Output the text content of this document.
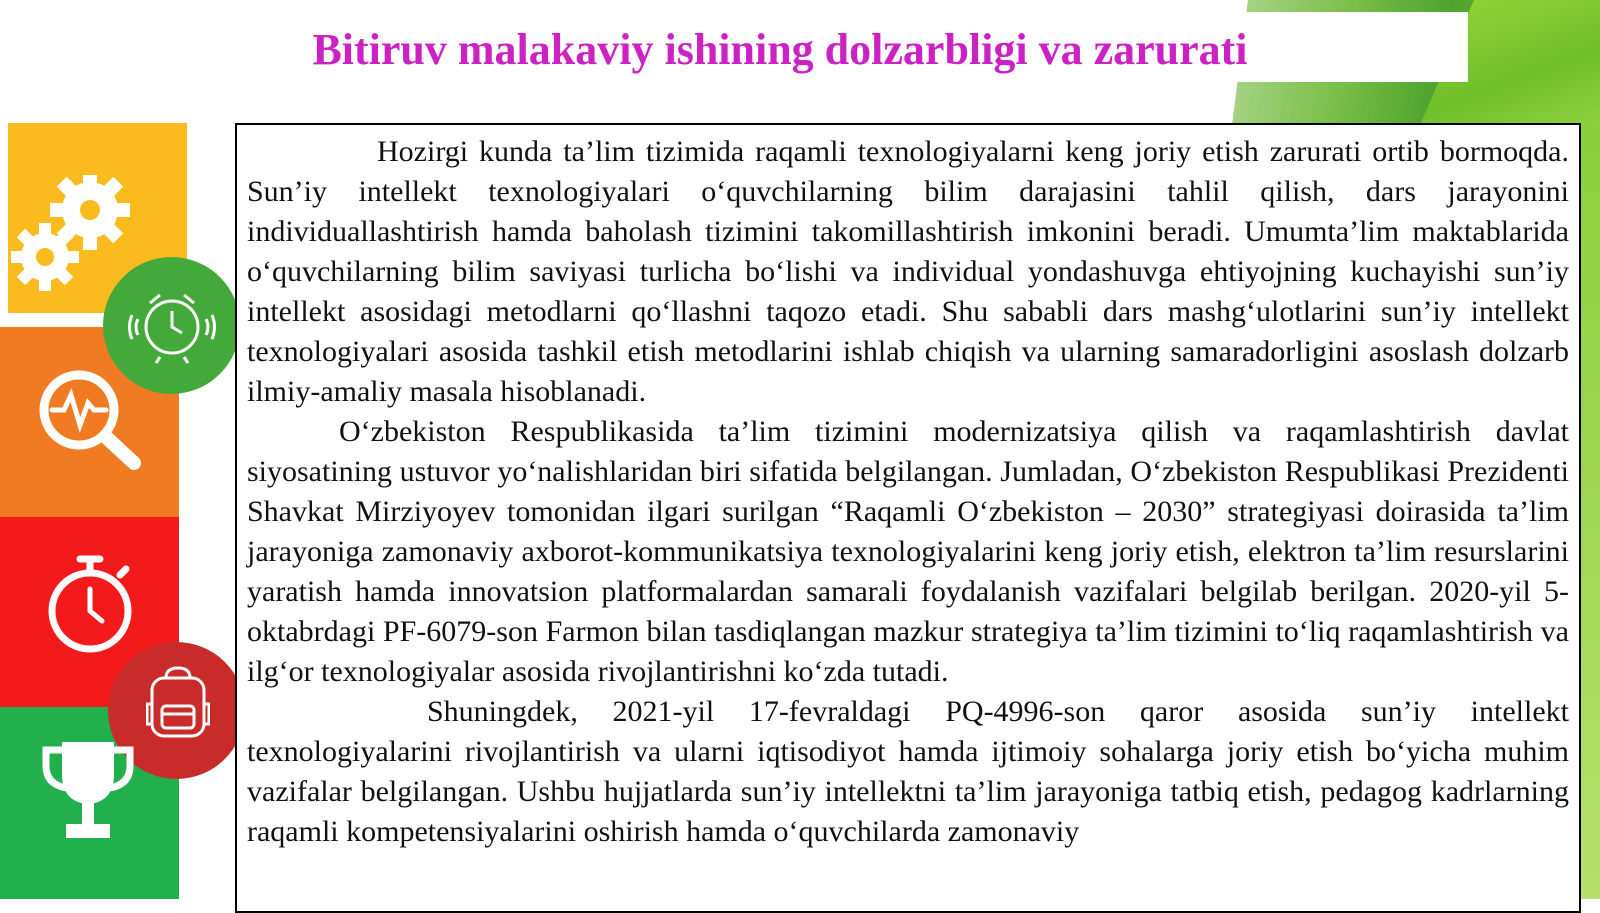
Bitiruv malakaviy ishining dolzarbligi va zarurati

Hozirgi kunda ta’lim tizimida raqamli texnologiyalarni keng joriy etish zarurati ortib bormoqda. Sun’iy intellekt texnologiyalari o‘quvchilarning bilim darajasini tahlil qilish, dars jarayonini individuallashtirish hamda baholash tizimini takomillashtirish imkonini beradi. Umumta’lim maktablarida o‘quvchilarning bilim saviyasi turlicha bo‘lishi va individual yondashuvga ehtiyojning kuchayishi sun’iy intellekt asosidagi metodlarni qo‘llashni taqozo etadi. Shu sababli dars mashg‘ulotlarini sun’iy intellekt texnologiyalari asosida tashkil etish metodlarini ishlab chiqish va ularning samaradorligini asoslash dolzarb ilmiy-amaliy masala hisoblanadi.

O‘zbekiston Respublikasida ta’lim tizimini modernizatsiya qilish va raqamlashtirish davlat siyosatining ustuvor yo‘nalishlaridan biri sifatida belgilangan. Jumladan, O‘zbekiston Respublikasi Prezidenti Shavkat Mirziyoyev tomonidan ilgari surilgan “Raqamli O‘zbekiston – 2030” strategiyasi doirasida ta’lim jarayoniga zamonaviy axborot-kommunikatsiya texnologiyalarini keng joriy etish, elektron ta’lim resurslarini yaratish hamda innovatsion platformalardan samarali foydalanish vazifalari belgilab berilgan. 2020-yil 5-oktabrdagi PF-6079-son Farmon bilan tasdiqlangan mazkur strategiya ta’lim tizimini to‘liq raqamlashtirish va ilg‘or texnologiyalar asosida rivojlantirishni ko‘zda tutadi.

Shuningdek, 2021-yil 17-fevraldagi PQ-4996-son qaror asosida sun’iy intellekt texnologiyalarini rivojlantirish va ularni iqtisodiyot hamda ijtimoiy sohalarga joriy etish bo‘yicha muhim vazifalar belgilangan. Ushbu hujjatlarda sun’iy intellektni ta’lim jarayoniga tatbiq etish, pedagog kadrlarning raqamli kompetensiyalarini oshirish hamda o‘quvchilarda zamonaviy
